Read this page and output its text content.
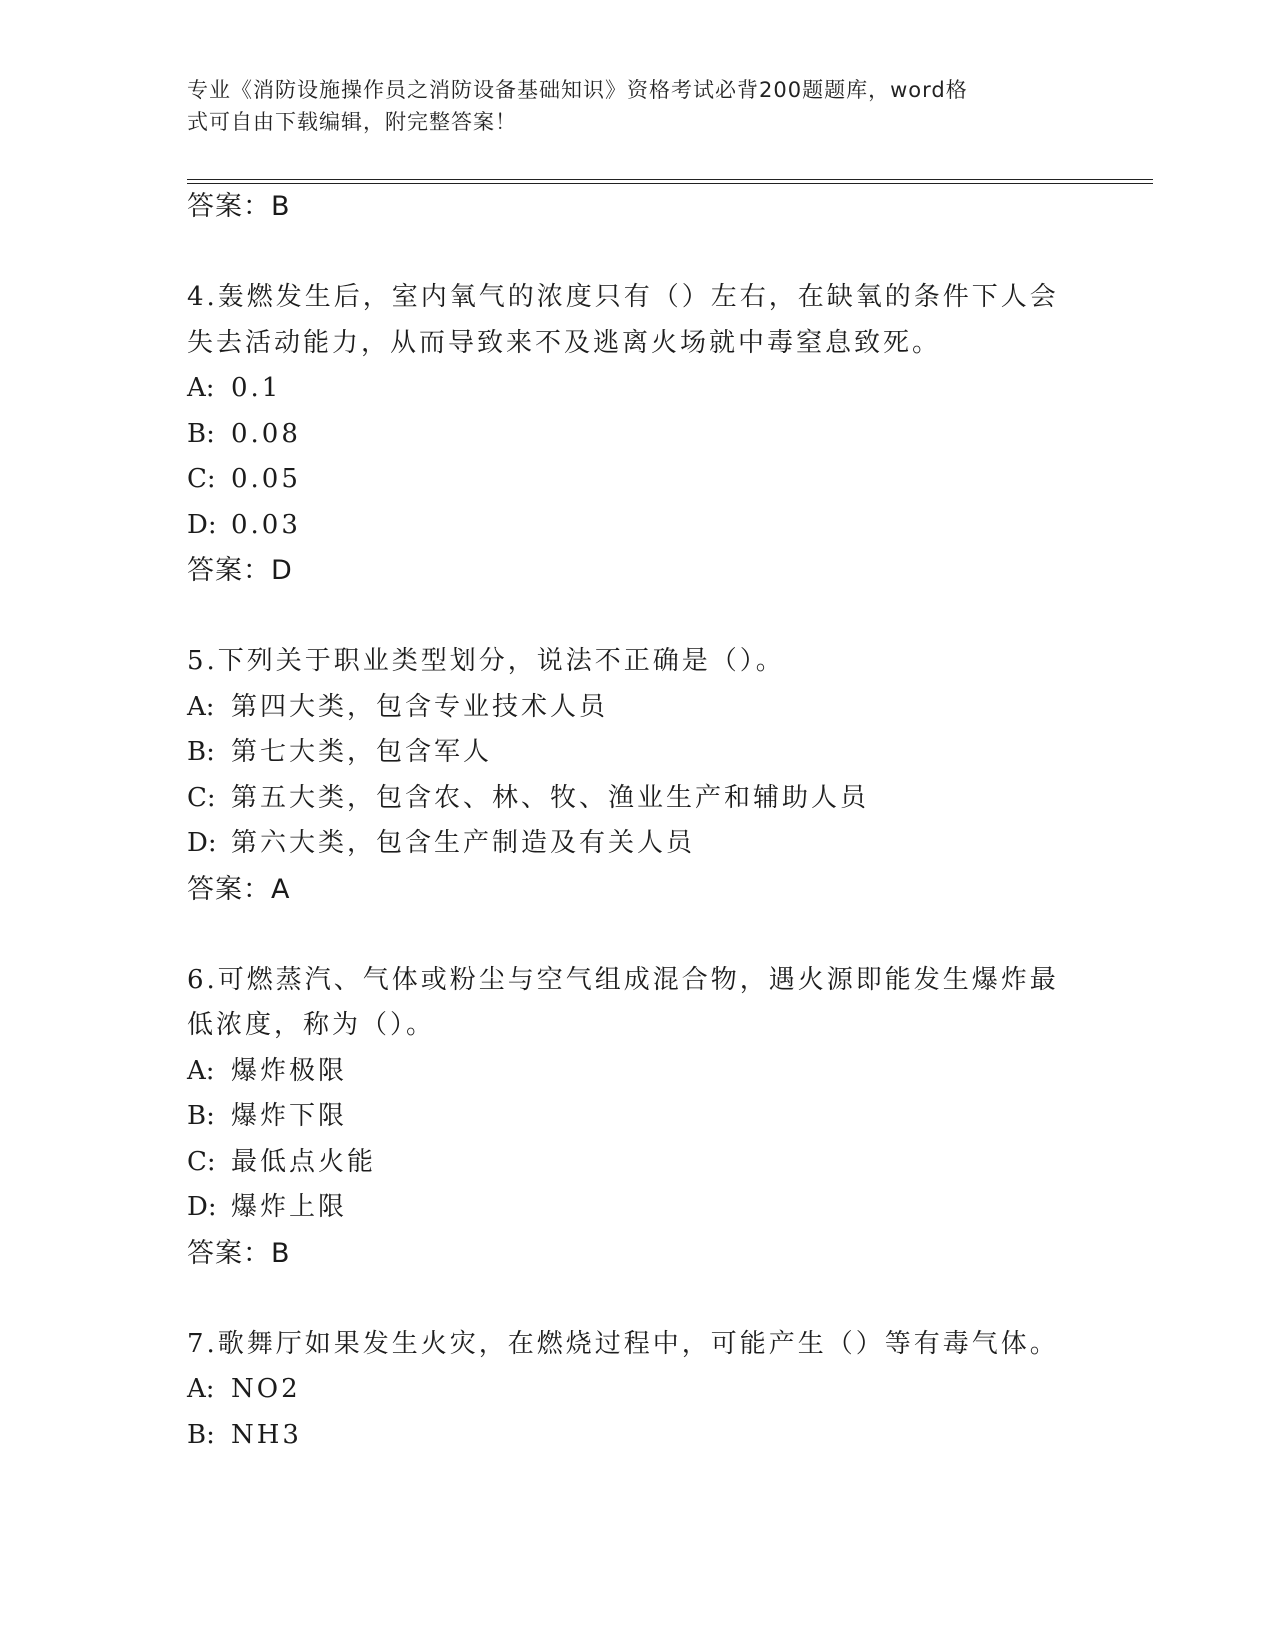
专业《消防设施操作员之消防设备基础知识》资格考试必背200题题库，word格
式可自由下载编辑，附完整答案！
答案：B
4.轰燃发生后，室内氧气的浓度只有（）左右，在缺氧的条件下人会
失去活动能力，从而导致来不及逃离火场就中毒窒息致死。
A: 0.1
B: 0.08
C: 0.05
D: 0.03
答案：D
5.下列关于职业类型划分，说法不正确是（）。
A: 第四大类，包含专业技术人员
B: 第七大类，包含军人
C: 第五大类，包含农、林、牧、渔业生产和辅助人员
D: 第六大类，包含生产制造及有关人员
答案：A
6.可燃蒸汽、气体或粉尘与空气组成混合物，遇火源即能发生爆炸最
低浓度，称为（）。
A: 爆炸极限
B: 爆炸下限
C: 最低点火能
D: 爆炸上限
答案：B
7.歌舞厅如果发生火灾，在燃烧过程中，可能产生（）等有毒气体。
A: NO2
B: NH3
